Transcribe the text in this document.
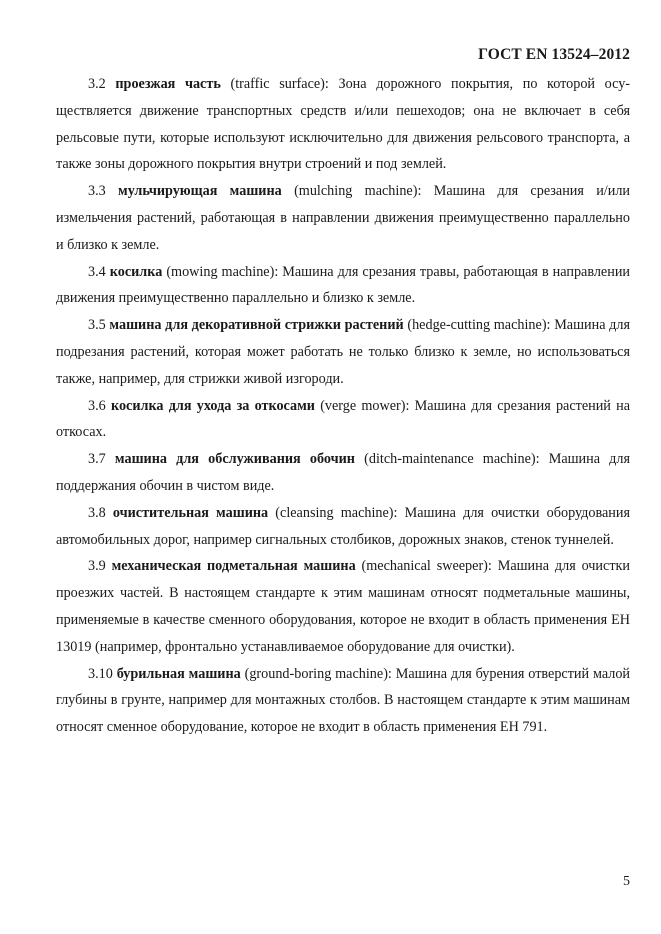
ГОСТ EN 13524–2012

3.2 проезжая часть (traffic surface): Зона дорожного покрытия, по которой осуществляется движение транспортных средств и/или пешеходов; она не включает в себя рельсовые пути, которые используют исключительно для движения рельсового транспорта, а также зоны дорожного покрытия внутри строений и под землей.

3.3 мульчирующая машина (mulching machine): Машина для срезания и/или измельчения растений, работающая в направлении движения преимущественно параллельно и близко к земле.

3.4 косилка (mowing machine): Машина для срезания травы, работающая в направлении движения преимущественно параллельно и близко к земле.

3.5 машина для декоративной стрижки растений (hedge-cutting machine): Машина для подрезания растений, которая может работать не только близко к земле, но использоваться также, например, для стрижки живой изгороди.

3.6 косилка для ухода за откосами (verge mower): Машина для срезания растений на откосах.

3.7 машина для обслуживания обочин (ditch-maintenance machine): Машина для поддержания обочин в чистом виде.

3.8 очистительная машина (cleansing machine): Машина для очистки оборудования автомобильных дорог, например сигнальных столбиков, дорожных знаков, стенок туннелей.

3.9 механическая подметальная машина (mechanical sweeper): Машина для очистки проезжих частей. В настоящем стандарте к этим машинам относят подметальные машины, применяемые в качестве сменного оборудования, которое не входит в область применения ЕН 13019 (например, фронтально устанавливаемое оборудование для очистки).

3.10 бурильная машина (ground-boring machine): Машина для бурения отверстий малой глубины в грунте, например для монтажных столбов. В настоящем стандарте к этим машинам относят сменное оборудование, которое не входит в область применения ЕН 791.

5
